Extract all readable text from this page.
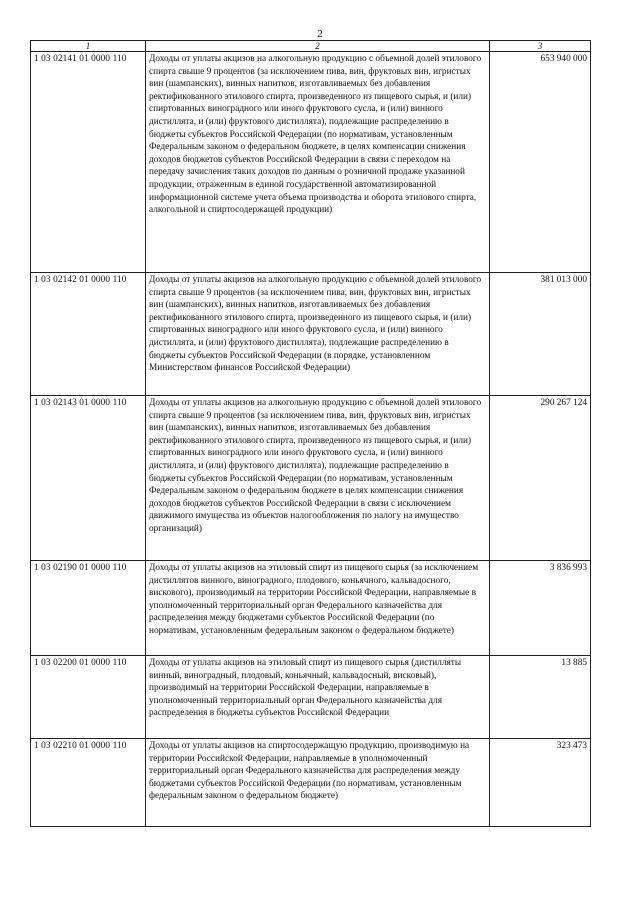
2
1	2	3
1 03 02141 01 0000 110	Доходы от уплаты акцизов на алкогольную продукцию с объемной долей этилового спирта свыше 9 процентов (за исключением пива, вин, фруктовых вин, игристых вин (шампанских), винных напитков, изготавливаемых без добавления ректификованного этилового спирта, произведенного из пищевого сырья, и (или) спиртованных виноградного или иного фруктового сусла, и (или) винного дистиллята, и (или) фруктового дистиллята), подлежащие распределению в бюджеты субъектов Российской Федерации (по нормативам, установленным Федеральным законом о федеральном бюджете, в целях компенсации снижения доходов бюджетов субъектов Российской Федерации в связи с переходом на передачу зачисления таких доходов по данным о розничной продаже указанной продукции, отраженным в единой государственной автоматизированной информационной системе учета объема производства и оборота этилового спирта, алкогольной и спиртосодержащей продукции)	653 940 000
1 03 02142 01 0000 110	Доходы от уплаты акцизов на алкогольную продукцию с объемной долей этилового спирта свыше 9 процентов (за исключением пива, вин, фруктовых вин, игристых вин (шампанских), винных напитков, изготавливаемых без добавления ректификованного этилового спирта, произведенного из пищевого сырья, и (или) спиртованных виноградного или иного фруктового сусла, и (или) винного дистиллята, и (или) фруктового дистиллята), подлежащие распределению в бюджеты субъектов Российской Федерации (в порядке, установленном Министерством финансов Российской Федерации)	381 013 000
1 03 02143 01 0000 110	Доходы от уплаты акцизов на алкогольную продукцию с объемной долей этилового спирта свыше 9 процентов (за исключением пива, вин, фруктовых вин, игристых вин (шампанских), винных напитков, изготавливаемых без добавления ректификованного этилового спирта, произведенного из пищевого сырья, и (или) спиртованных виноградного или иного фруктового сусла, и (или) винного дистиллята, и (или) фруктового дистиллята), подлежащие распределению в бюджеты субъектов Российской Федерации (по нормативам, установленным Федеральным законом о федеральном бюджете в целях компенсации снижения доходов бюджетов субъектов Российской Федерации в связи с исключением движимого имущества из объектов налогообложения по налогу на имущество организаций)	290 267 124
1 03 02190 01 0000 110	Доходы от уплаты акцизов на этиловый спирт из пищевого сырья (за исключением дистиллятов винного, виноградного, плодового, коньячного, кальвадосного, вискового), производимый на территории Российской Федерации, направляемые в уполномоченный территориальный орган Федерального казначейства для распределения между бюджетами субъектов Российской Федерации (по нормативам, установленным федеральным законом о федеральном бюджете)	3 836 993
1 03 02200 01 0000 110	Доходы от уплаты акцизов на этиловый спирт из пищевого сырья (дистилляты винный, виноградный, плодовый, коньячный, кальвадосный, висковый), производимый на территории Российской Федерации, направляемые в уполномоченный территориальный орган Федерального казначейства для распределения в бюджеты субъектов Российской Федерации	13 885
1 03 02210 01 0000 110	Доходы от уплаты акцизов на спиртосодержащую продукцию, производимую на территории Российской Федерации, направляемые в уполномоченный территориальный орган Федерального казначейства для распределения между бюджетами субъектов Российской Федерации (по нормативам, установленным федеральным законом о федеральном бюджете)	323 473
